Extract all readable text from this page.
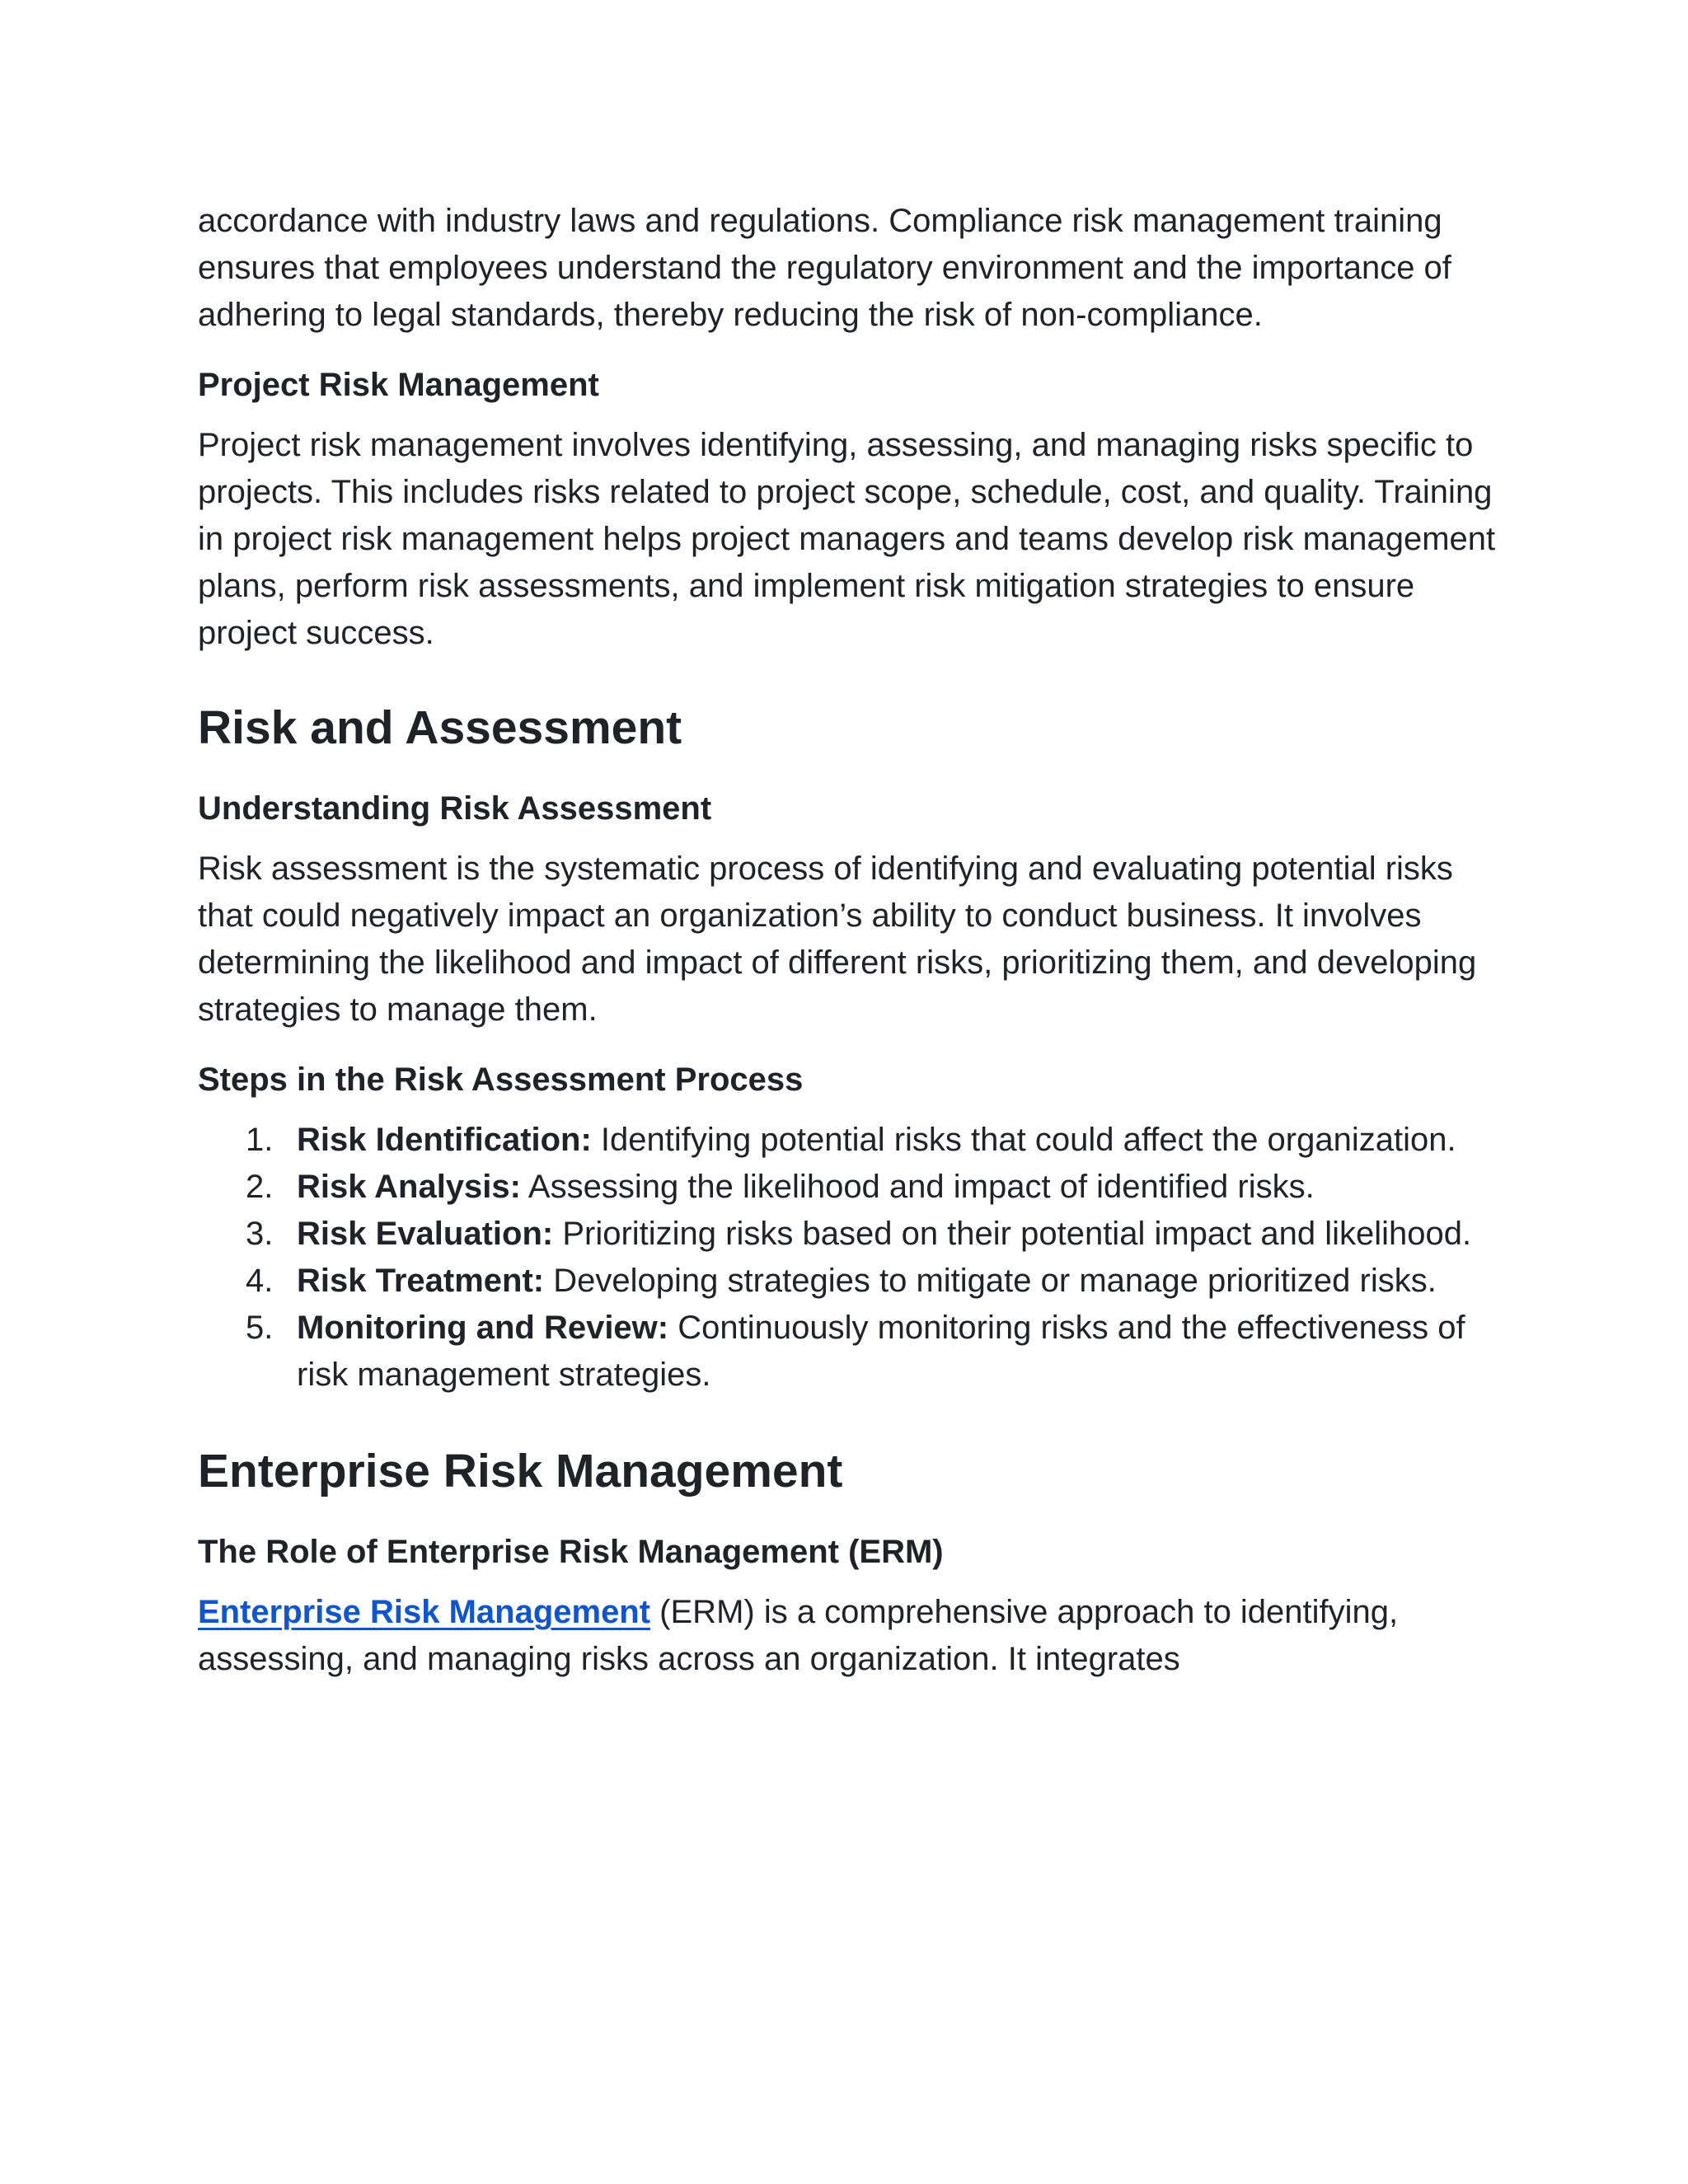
accordance with industry laws and regulations. Compliance risk management training ensures that employees understand the regulatory environment and the importance of adhering to legal standards, thereby reducing the risk of non-compliance.

Project Risk Management

Project risk management involves identifying, assessing, and managing risks specific to projects. This includes risks related to project scope, schedule, cost, and quality. Training in project risk management helps project managers and teams develop risk management plans, perform risk assessments, and implement risk mitigation strategies to ensure project success.

Risk and Assessment
Understanding Risk Assessment

Risk assessment is the systematic process of identifying and evaluating potential risks that could negatively impact an organization’s ability to conduct business. It involves determining the likelihood and impact of different risks, prioritizing them, and developing strategies to manage them.

Steps in the Risk Assessment Process
1. Risk Identification: Identifying potential risks that could affect the organization.
2. Risk Analysis: Assessing the likelihood and impact of identified risks.
3. Risk Evaluation: Prioritizing risks based on their potential impact and likelihood.
4. Risk Treatment: Developing strategies to mitigate or manage prioritized risks.
5. Monitoring and Review: Continuously monitoring risks and the effectiveness of risk management strategies.
Enterprise Risk Management
The Role of Enterprise Risk Management (ERM)

Enterprise Risk Management (ERM) is a comprehensive approach to identifying, assessing, and managing risks across an organization. It integrates
